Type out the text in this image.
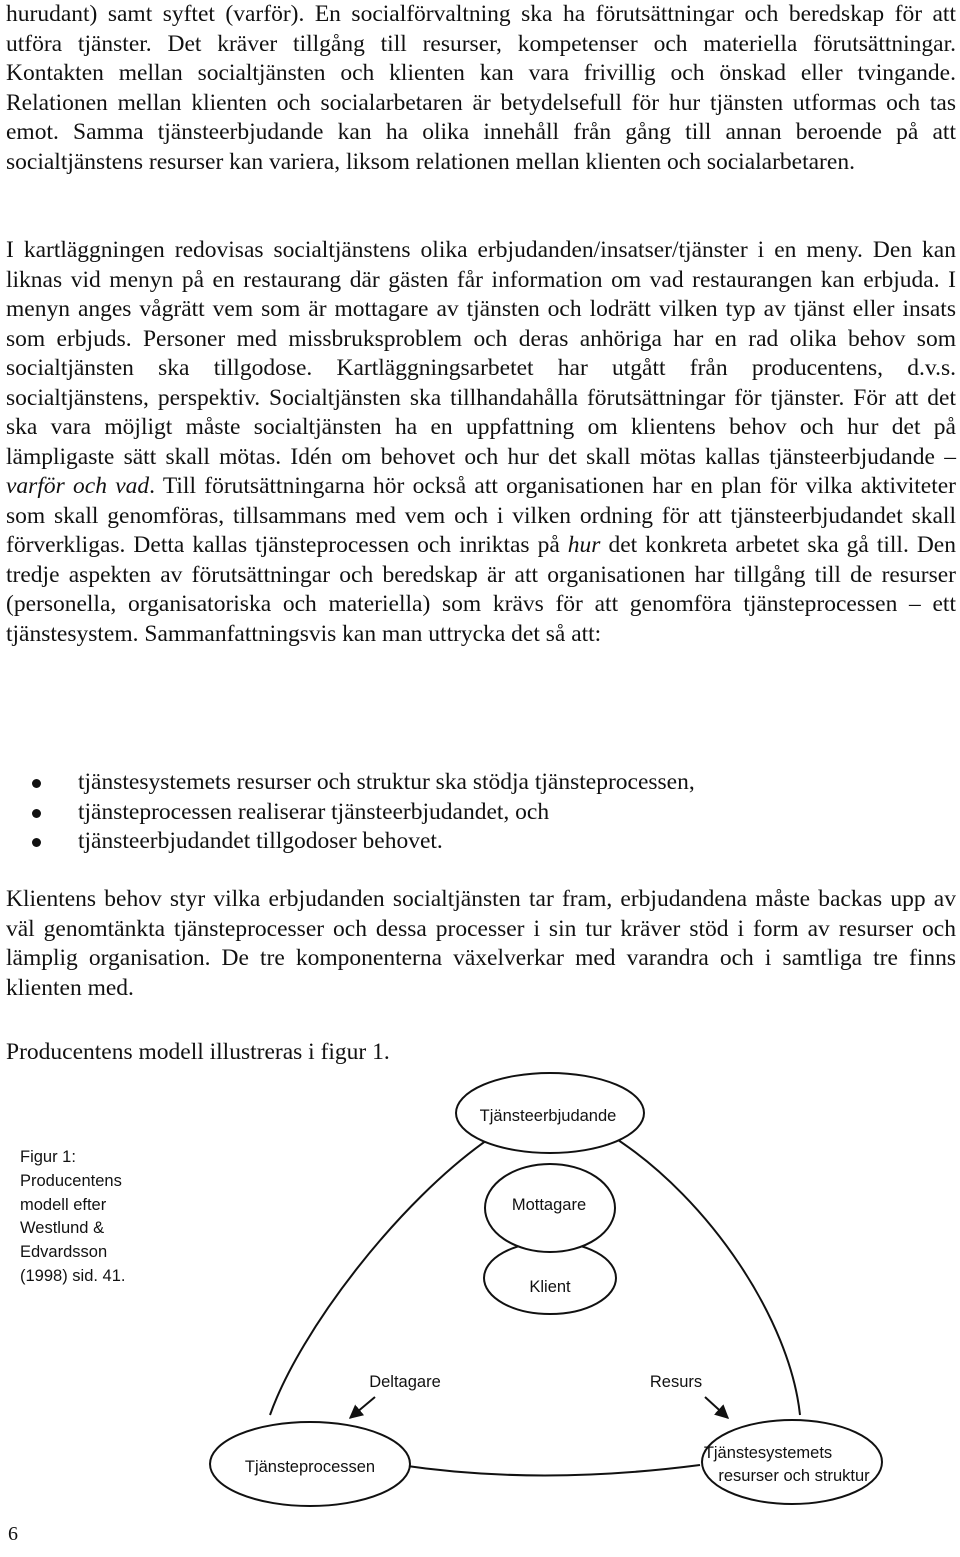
hurudant) samt syftet (varför). En socialförvaltning ska ha förutsättningar och beredskap för att utföra tjänster. Det kräver tillgång till resurser, kompetenser och materiella förutsättningar. Kontakten mellan socialtjänsten och klienten kan vara frivillig och önskad eller tvingande. Relationen mellan klienten och socialarbetaren är betydelsefull för hur tjänsten utformas och tas emot. Samma tjänsteerbjudande kan ha olika innehåll från gång till annan beroende på att socialtjänstens resurser kan variera, liksom relationen mellan klienten och socialarbetaren.

I kartläggningen redovisas socialtjänstens olika erbjudanden/insatser/tjänster i en meny. Den kan liknas vid menyn på en restaurang där gästen får information om vad restaurangen kan erbjuda. I menyn anges vågrätt vem som är mottagare av tjänsten och lodrätt vilken typ av tjänst eller insats som erbjuds. Personer med missbruksproblem och deras anhöriga har en rad olika behov som socialtjänsten ska tillgodose. Kartläggningsarbetet har utgått från producentens, d.v.s. socialtjänstens, perspektiv. Socialtjänsten ska tillhandahålla förutsättningar för tjänster. För att det ska vara möjligt måste socialtjänsten ha en uppfattning om klientens behov och hur det på lämpligaste sätt skall mötas. Idén om behovet och hur det skall mötas kallas tjänsteerbjudande – varför och vad. Till förutsättningarna hör också att organisationen har en plan för vilka aktiviteter som skall genomföras, tillsammans med vem och i vilken ordning för att tjänsteerbjudandet skall förverkligas. Detta kallas tjänsteprocessen och inriktas på hur det konkreta arbetet ska gå till. Den tredje aspekten av förutsättningar och beredskap är att organisationen har tillgång till de resurser (personella, organisatoriska och materiella) som krävs för att genomföra tjänsteprocessen – ett tjänstesystem. Sammanfattningsvis kan man uttrycka det så att:

tjänstesystemets resurser och struktur ska stödja tjänsteprocessen,
tjänsteprocessen realiserar tjänsteerbjudandet, och
tjänsteerbjudandet tillgodoser behovet.

Klientens behov styr vilka erbjudanden socialtjänsten tar fram, erbjudandena måste backas upp av väl genomtänkta tjänsteprocesser och dessa processer i sin tur kräver stöd i form av resurser och lämplig organisation. De tre komponenterna växelverkar med varandra och i samtliga tre finns klienten med.

Producentens modell illustreras i figur 1.

Figur 1:
Producentens
modell efter
Westlund &
Edvardsson
(1998) sid. 41.
Tjänsteerbjudande
Mottagare
Klient
Deltagare	Resurs
Tjänsteprocessen
Tjänstesystemets
resurser och struktur
6
